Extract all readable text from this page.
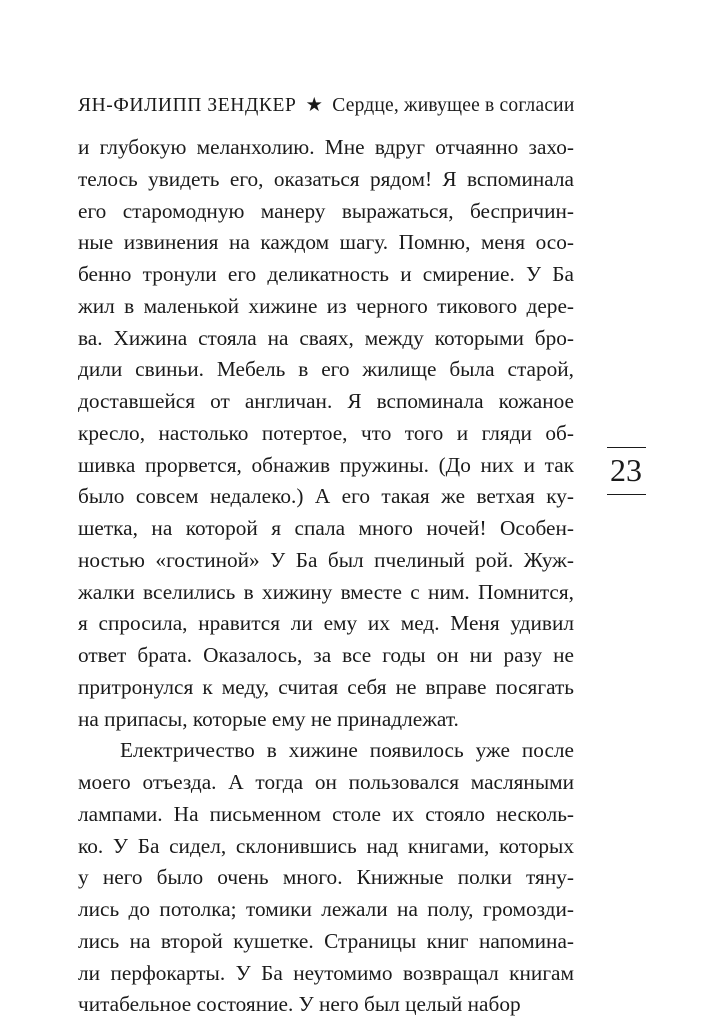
ЯН-ФИЛИПП ЗЕНДКЕР ★ Сердце, живущее в согласии
и глубокую меланхолию. Мне вдруг отчаянно захо-
телось увидеть его, оказаться рядом! Я вспоминала
его старомодную манеру выражаться, беспричин-
ные извинения на каждом шагу. Помню, меня осо-
бенно тронули его деликатность и смирение. У Ба
жил в маленькой хижине из черного тикового дере-
ва. Хижина стояла на сваях, между которыми бро-
дили свиньи. Мебель в его жилище была старой,
доставшейся от англичан. Я вспоминала кожаное
кресло, настолько потертое, что того и гляди об-
шивка прорвется, обнажив пружины. (До них и так
было совсем недалеко.) А его такая же ветхая ку-
шетка, на которой я спала много ночей! Особен-
ностью «гостиной» У Ба был пчелиный рой. Жуж-
жалки вселились в хижину вместе с ним. Помнится,
я спросила, нравится ли ему их мед. Меня удивил
ответ брата. Оказалось, за все годы он ни разу не
притронулся к меду, считая себя не вправе посягать
на припасы, которые ему не принадлежат.
Електричество в хижине появилось уже после
моего отъезда. А тогда он пользовался масляными
лампами. На письменном столе их стояло несколь-
ко. У Ба сидел, склонившись над книгами, которых
у него было очень много. Книжные полки тяну-
лись до потолка; томики лежали на полу, громозди-
лись на второй кушетке. Страницы книг напомина-
ли перфокарты. У Ба неутомимо возвращал книгам
читабельное состояние. У него был целый набор
23
